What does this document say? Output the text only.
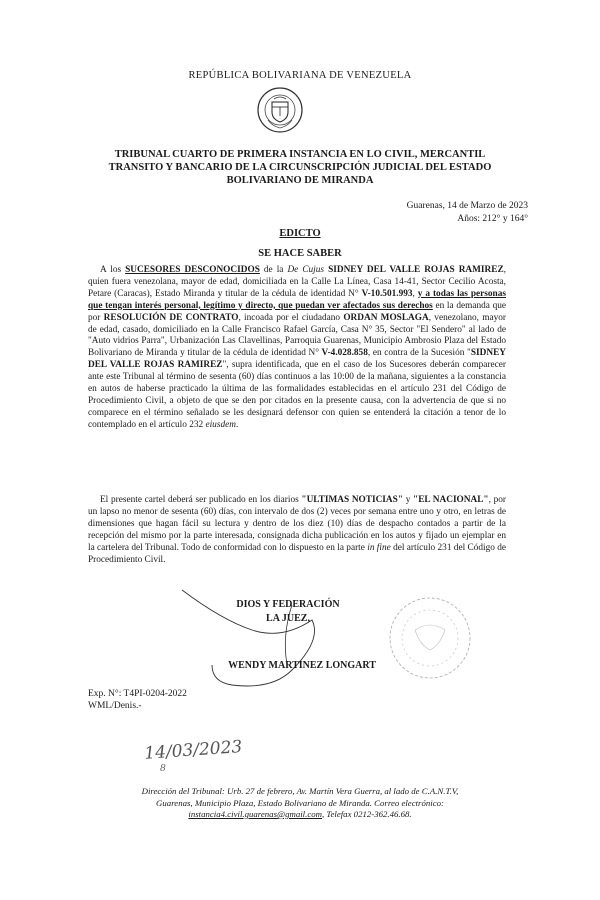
REPÚBLICA BOLIVARIANA DE VENEZUELA
TRIBUNAL CUARTO DE PRIMERA INSTANCIA EN LO CIVIL, MERCANTIL
TRANSITO Y BANCARIO DE LA CIRCUNSCRIPCIÓN JUDICIAL DEL ESTADO
BOLIVARIANO DE MIRANDA
Guarenas, 14 de Marzo de 2023
Años: 212° y 164°
EDICTO
SE HACE SABER
A los SUCESORES DESCONOCIDOS de la De Cujus SIDNEY DEL VALLE ROJAS RAMIREZ, quien fuera venezolana, mayor de edad, domiciliada en la Calle La Línea, Casa 14-41, Sector Cecilio Acosta, Petare (Caracas), Estado Miranda y titular de la cédula de identidad N° V-10.501.993, y a todas las personas que tengan interés personal, legítimo y directo, que puedan ver afectados sus derechos en la demanda que por RESOLUCIÓN DE CONTRATO, incoada por el ciudadano ORDAN MOSLAGA, venezolano, mayor de edad, casado, domiciliado en la Calle Francisco Rafael García, Casa N° 35, Sector "El Sendero" al lado de "Auto vidrios Parra", Urbanización Las Clavellinas, Parroquia Guarenas, Municipio Ambrosio Plaza del Estado Bolivariano de Miranda y titular de la cédula de identidad N° V-4.028.858, en contra de la Sucesión "SIDNEY DEL VALLE ROJAS RAMIREZ", supra identificada, que en el caso de los Sucesores deberán comparecer ante este Tribunal al término de sesenta (60) días continuos a las 10:00 de la mañana, siguientes a la constancia en autos de haberse practicado la última de las formalidades establecidas en el artículo 231 del Código de Procedimiento Civil, a objeto de que se den por citados en la presente causa, con la advertencia de que si no comparece en el término señalado se les designará defensor con quien se entenderá la citación a tenor de lo contemplado en el artículo 232 eiusdem.
El presente cartel deberá ser publicado en los diarios "ULTIMAS NOTICIAS" y "EL NACIONAL", por un lapso no menor de sesenta (60) días, con intervalo de dos (2) veces por semana entre uno y otro, en letras de dimensiones que hagan fácil su lectura y dentro de los diez (10) días de despacho contados a partir de la recepción del mismo por la parte interesada, consignada dicha publicación en los autos y fijado un ejemplar en la cartelera del Tribunal. Todo de conformidad con lo dispuesto en la parte in fine del artículo 231 del Código de Procedimiento Civil.
DIOS Y FEDERACIÓN
LA JUEZ,
WENDY MARTINEZ LONGART
Exp. N°: T4PI-0204-2022
WML/Denis.-
14/03/2023
8
Dirección del Tribunal: Urb. 27 de febrero, Av. Martín Vera Guerra, al lado de C.A.N.T.V,
Guarenas, Municipio Plaza, Estado Bolivariano de Miranda. Correo electrónico:
instancia4.civil.guarenas@gmail.com, Telefax 0212-362.46.68.
